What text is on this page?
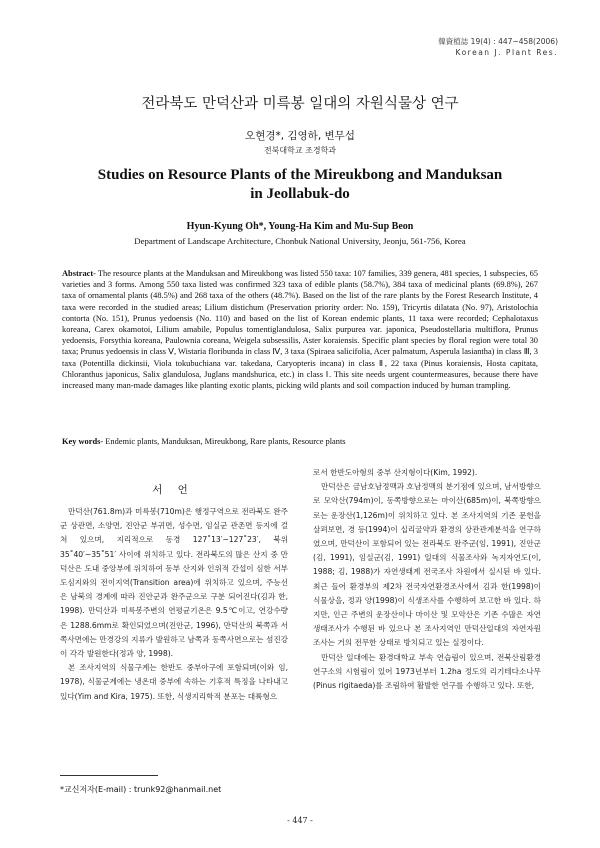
韓資植誌 19(4) : 447~458(2006)
Korean J. Plant Res.
전라북도 만덕산과 미륵봉 일대의 자원식물상 연구
오현경*, 김영하, 변무섭
전북대학교 조경학과
Studies on Resource Plants of the Mireukbong and Manduksan
in Jeollabuk-do
Hyun-Kyung Oh*, Young-Ha Kim and Mu-Sup Beon
Department of Landscape Architecture, Chonbuk National University, Jeonju, 561-756, Korea

Abstract- The resource plants at the Manduksan and Mireukbong was listed 550 taxa: 107 families, 339 genera, 481 species, 1 subspecies, 65 varieties and 3 forms. Among 550 taxa listed was confirmed 323 taxa of edible plants (58.7%), 384 taxa of medicinal plants (69.8%), 267 taxa of ornamental plants (48.5%) and 268 taxa of the others (48.7%). Based on the list of the rare plants by the Forest Research Institute, 4 taxa were recorded in the studied areas; Lilium distichum (Preservation priority order: No. 159), Tricyrtis dilatata (No. 97), Aristolochia contorta (No. 151), Prunus yedoensis (No. 110) and based on the list of Korean endemic plants, 11 taxa were recorded; Cephalotaxus koreana, Carex okamotoi, Lilium amabile, Populus tomentiglandulosa, Salix purpurea var. japonica, Pseudostellaria multiflora, Prunus yedoensis, Forsythia koreana, Paulownia coreana, Weigela subsessilis, Aster koraiensis. Specific plant species by floral region were total 30 taxa; Prunus yedoensis in class Ⅴ, Wistaria floribunda in class Ⅳ, 3 taxa (Spiraea salicifolia, Acer palmatum, Asperula lasiantha) in class Ⅲ, 3 taxa (Potentilla dickinsii, Viola tokubuchiana var. takedana, Caryopteris incana) in class Ⅱ, 22 taxa (Pinus koraiensis, Hosta capitata, Chloranthus japonicus, Salix glandulosa, Juglans mandshurica, etc.) in class Ⅰ. This site needs urgent countermeasures, because there have increased many man-made damages like planting exotic plants, picking wild plants and soil compaction induced by human trampling.

Key words- Endemic plants, Manduksan, Mireukbong, Rare plants, Resource plants

서 언

만덕산(761.8m)과 미륵봉(710m)은 행정구역으로 전라북도 완주군 상관면, 소양면, 진안군 부귀면, 성수면, 임실군 관촌면 등지에 걸쳐 있으며, 지리적으로 동경 127˚13′~127˚23′, 북위 35˚40′~35˚51′ 사이에 위치하고 있다. 전라북도의 많은 산지 중 만덕산은 도내 중앙부에 위치하여 동부 산지와 인위적 간섭이 심한 서부 도심지와의 전이지역(Transition area)에 위치하고 있으며, 주능선은 남북의 경계에 따라 진안군과 완주군으로 구분 되어진다(김과 한, 1998). 만덕산과 미륵봉주변의 연평균기온은 9.5℃이고, 연강수량은 1288.6mm로 확인되었으며(진안군, 1996), 만덕산의 북쪽과 서쪽사면에는 만경강의 지류가 발원하고 남쪽과 동쪽사면으로는 섬진강이 각각 발원한다(정과 양, 1998).

본 조사지역의 식물구계는 한반도 중부아구에 포함되며(이와 임, 1978), 식물군계에는 냉온대 중부에 속하는 기후적 특징을 나타내고 있다(Yim and Kira, 1975). 또한, 식생지리학적 분포는 대륙형으

로서 한반도아형의 중부 산지형이다(Kim, 1992).

만덕산은 금남호남정맥과 호남정맥의 분기점에 있으며, 남서방향으로 모악산(794m)이, 동쪽방향으로는 마이산(685m)이, 북쪽방향으로는 운장산(1,126m)이 위치하고 있다. 본 조사지역의 기존 문헌을 살펴보면, 경 등(1994)이 십리굴약과 환경의 상관관계분석을 연구하였으며, 만덕산이 포함되어 있는 전라북도 완주군(임, 1991), 진안군(김, 1991), 임실군(김, 1991) 일대의 식물조사와 녹지자연도(이, 1988; 김, 1988)가 자연생태계 전국조사 차원에서 실시된 바 있다. 최근 들어 환경부의 제2차 전국자연환경조사에서 김과 한(1998)이 식물상을, 정과 양(1998)이 식생조사를 수행하여 보고한 바 있다. 하지만, 인근 주변의 운장산이나 마이산 및 모악산은 기존 수많은 자연생태조사가 수행된 바 있으나 본 조사지역인 만덕산일대의 자연자원조사는 거의 전무한 상태로 방치되고 있는 실정이다.

만덕산 일대에는 환경대학교 부속 연습림이 있으며, 전북산림환경연구소의 시험림이 있어 1973년부터 1.2ha 정도의 리기테다소나무(Pinus rigitaeda)를 조림하여 활발한 연구를 수행하고 있다. 또한,

*교신저자(E-mail) : trunk92@hanmail.net

- 447 -
